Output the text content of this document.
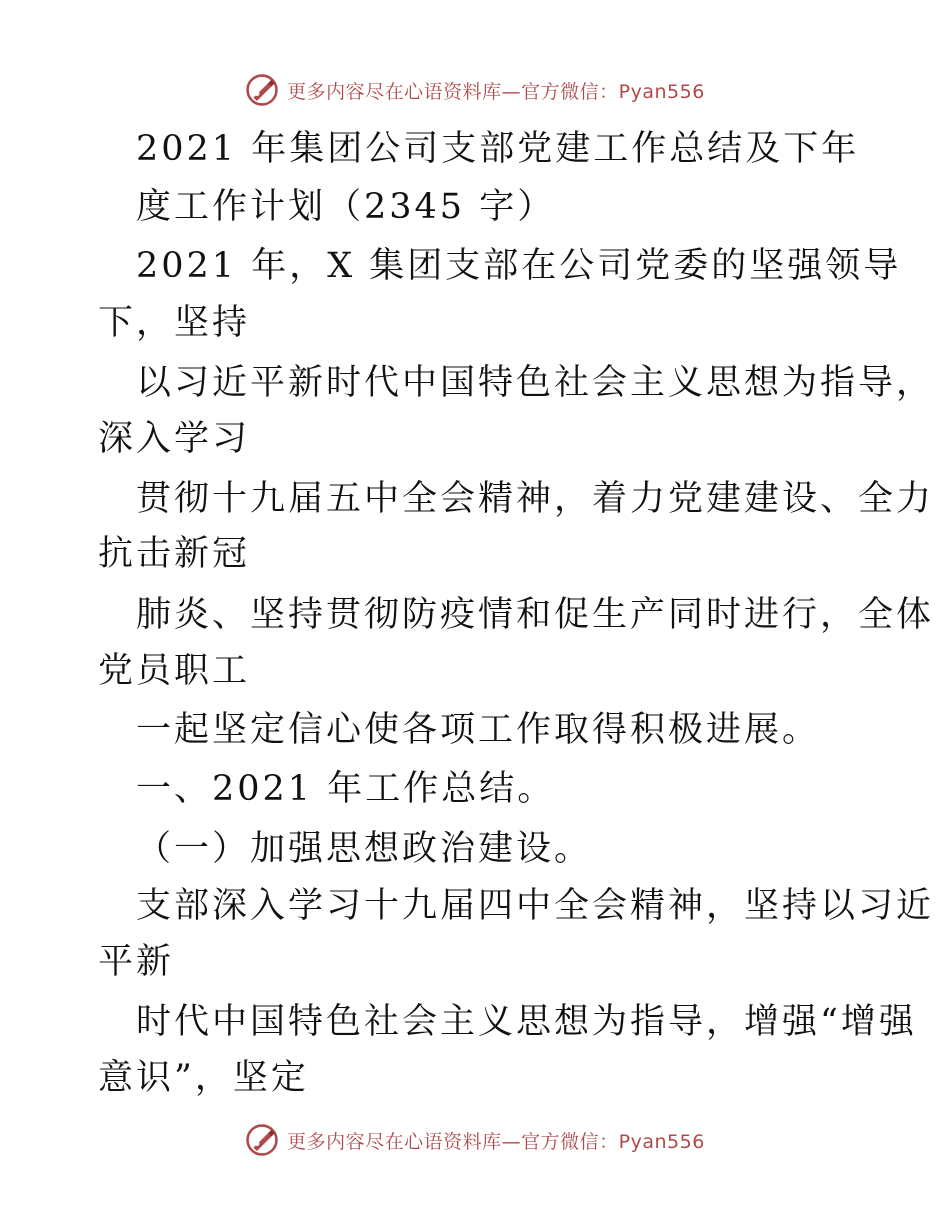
更多内容尽在心语资料库—官方微信：Pyan556
2021 年集团公司支部党建工作总结及下年
度工作计划（2345 字）
2021 年，X 集团支部在公司党委的坚强领导
下，坚持
以习近平新时代中国特色社会主义思想为指导，
深入学习
贯彻十九届五中全会精神，着力党建建设、全力
抗击新冠
肺炎、坚持贯彻防疫情和促生产同时进行，全体
党员职工
一起坚定信心使各项工作取得积极进展。
一、2021 年工作总结。
（一）加强思想政治建设。
支部深入学习十九届四中全会精神，坚持以习近
平新
时代中国特色社会主义思想为指导，增强“增强
意识”，坚定
更多内容尽在心语资料库—官方微信：Pyan556
